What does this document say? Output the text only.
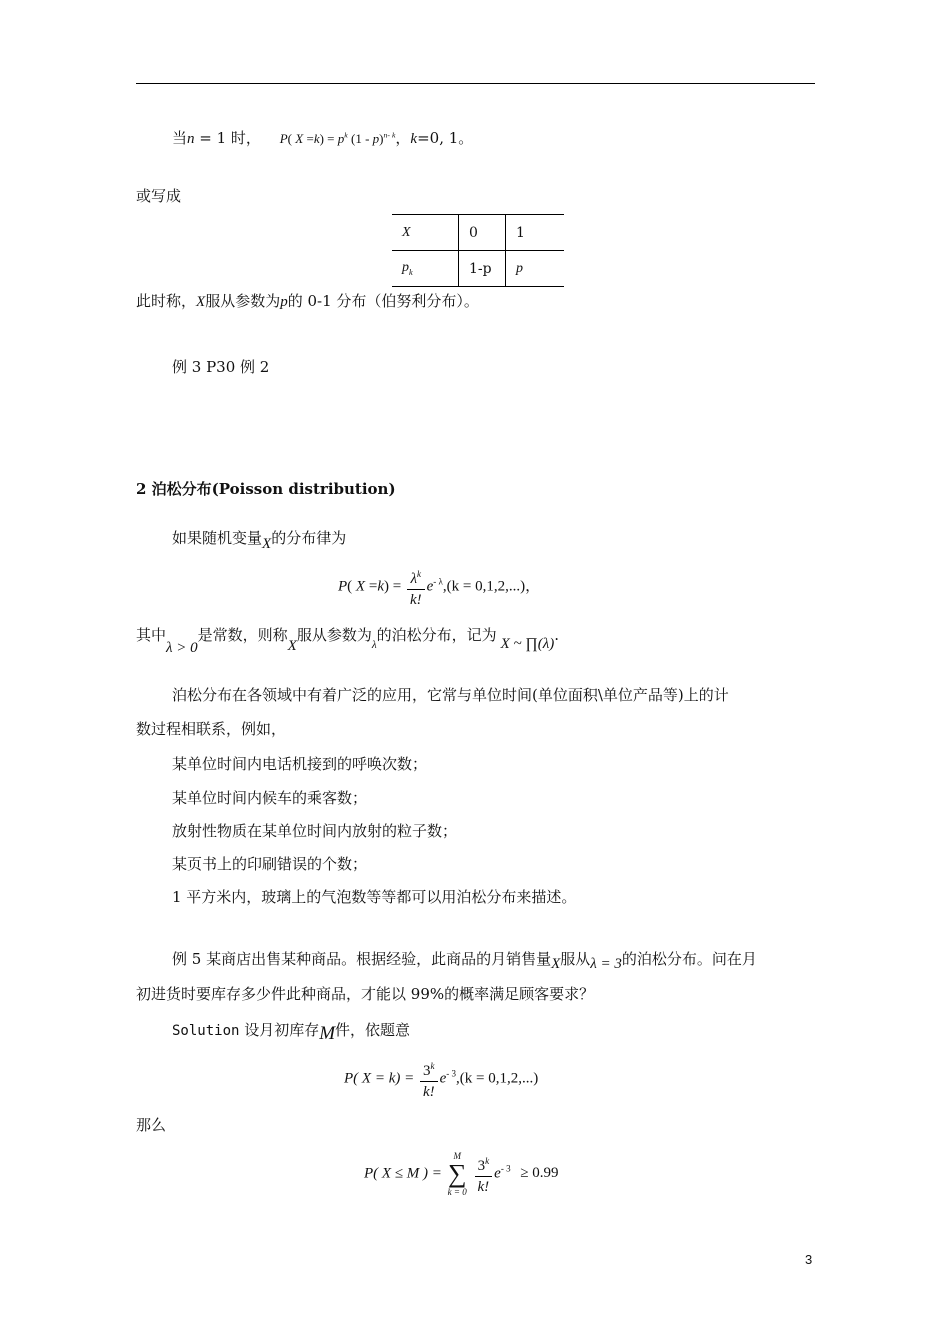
当n = 1 时， P( $X =k) = p^k$ (1 - p)$^{n- k}$，k=0, 1。
或写成
X	0	1
$p_k$	1-p	p
此时称，X服从参数为p的 0-1 分布（伯努利分布）。
例 3 P30 例 2
2 泊松分布(Poisson distribution)
如果随机变量X的分布律为
P( $X =k) = \frac{\lambda^k}{k!} e^{- \lambda},(k = 0,1,2,...)$，
其中λ > 0是常数，则称X服从参数为$_\lambda$的泊松分布，记为 X ~ ∏(λ).
泊松分布在各领域中有着广泛的应用，它常与单位时间(单位面积\单位产品等)上的计
数过程相联系，例如，
某单位时间内电话机接到的呼唤次数；
某单位时间内候车的乘客数；
放射性物质在某单位时间内放射的粒子数；
某页书上的印刷错误的个数；
1 平方米内，玻璃上的气泡数等等都可以用泊松分布来描述。
例 5 某商店出售某种商品。根据经验，此商品的月销售量X服从λ = 3的泊松分布。问在月
初进货时要库存多少件此种商品，才能以 99%的概率满足顾客要求？
Solution 设月初库存M件，依题意
P( $X = k) = \frac{3^k}{k!} e^{- 3},(k = 0,1,2,...)$
那么
P( X ≤ M ) =
M
∑
k = 0
$\frac{3^k}{k!} e^{- 3} \ge 0.99$
3
